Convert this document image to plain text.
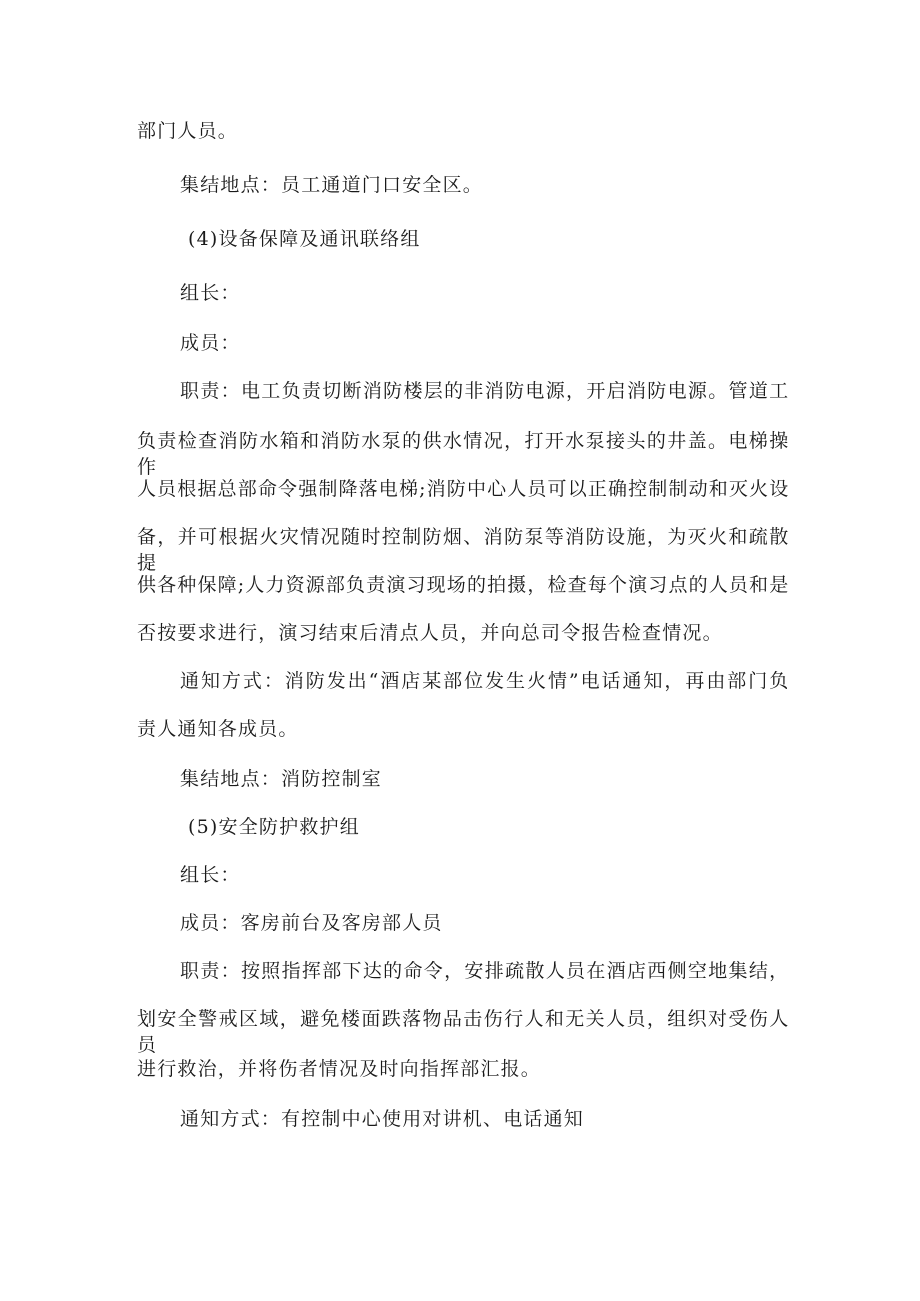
部门人员。
集结地点：员工通道门口安全区。
(4)设备保障及通讯联络组
组长：
成员：
职责：电工负责切断消防楼层的非消防电源，开启消防电源。管道工
负责检查消防水箱和消防水泵的供水情况，打开水泵接头的井盖。电梯操作
人员根据总部命令强制降落电梯;消防中心人员可以正确控制制动和灭火设
备，并可根据火灾情况随时控制防烟、消防泵等消防设施，为灭火和疏散提
供各种保障;人力资源部负责演习现场的拍摄，检查每个演习点的人员和是
否按要求进行，演习结束后清点人员，并向总司令报告检查情况。
通知方式：消防发出“酒店某部位发生火情”电话通知，再由部门负
责人通知各成员。
集结地点：消防控制室
(5)安全防护救护组
组长：
成员：客房前台及客房部人员
职责：按照指挥部下达的命令，安排疏散人员在酒店西侧空地集结，
划安全警戒区域，避免楼面跌落物品击伤行人和无关人员，组织对受伤人员
进行救治，并将伤者情况及时向指挥部汇报。
通知方式：有控制中心使用对讲机、电话通知
